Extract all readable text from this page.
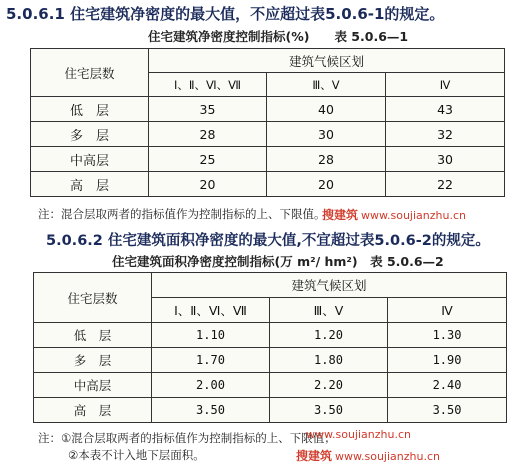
5.0.6.1 住宅建筑净密度的最大值，不应超过表5.0.6-1的规定。
住宅建筑净密度控制指标(%)　　表 5.0.6—1
住宅层数	建筑气候区划		
	Ⅰ、Ⅱ、Ⅵ、Ⅶ	Ⅲ、Ⅴ	Ⅳ
低　层	35	40	43
多　层	28	30	32
中高层	25	28	30
高　层	20	20	22
注：混合层取两者的指标值作为控制指标的上、下限值。
搜建筑 www.soujianzhu.cn
5.0.6.2 住宅建筑面积净密度的最大值,不宜超过表5.0.6-2的规定。
住宅建筑面积净密度控制指标(万 m²/ hm²)　表 5.0.6—2
住宅层数	建筑气候区划		
	Ⅰ、Ⅱ、Ⅵ、Ⅶ	Ⅲ、Ⅴ	Ⅳ
低　层	1.10	1.20	1.30
多　层	1.70	1.80	1.90
中高层	2.00	2.20	2.40
高　层	3.50	3.50	3.50
注：①混合层取两者的指标值作为控制指标的上、下限值；
②本表不计入地下层面积。
www.soujianzhu.cn
搜建筑 www.soujianzhu.cn
